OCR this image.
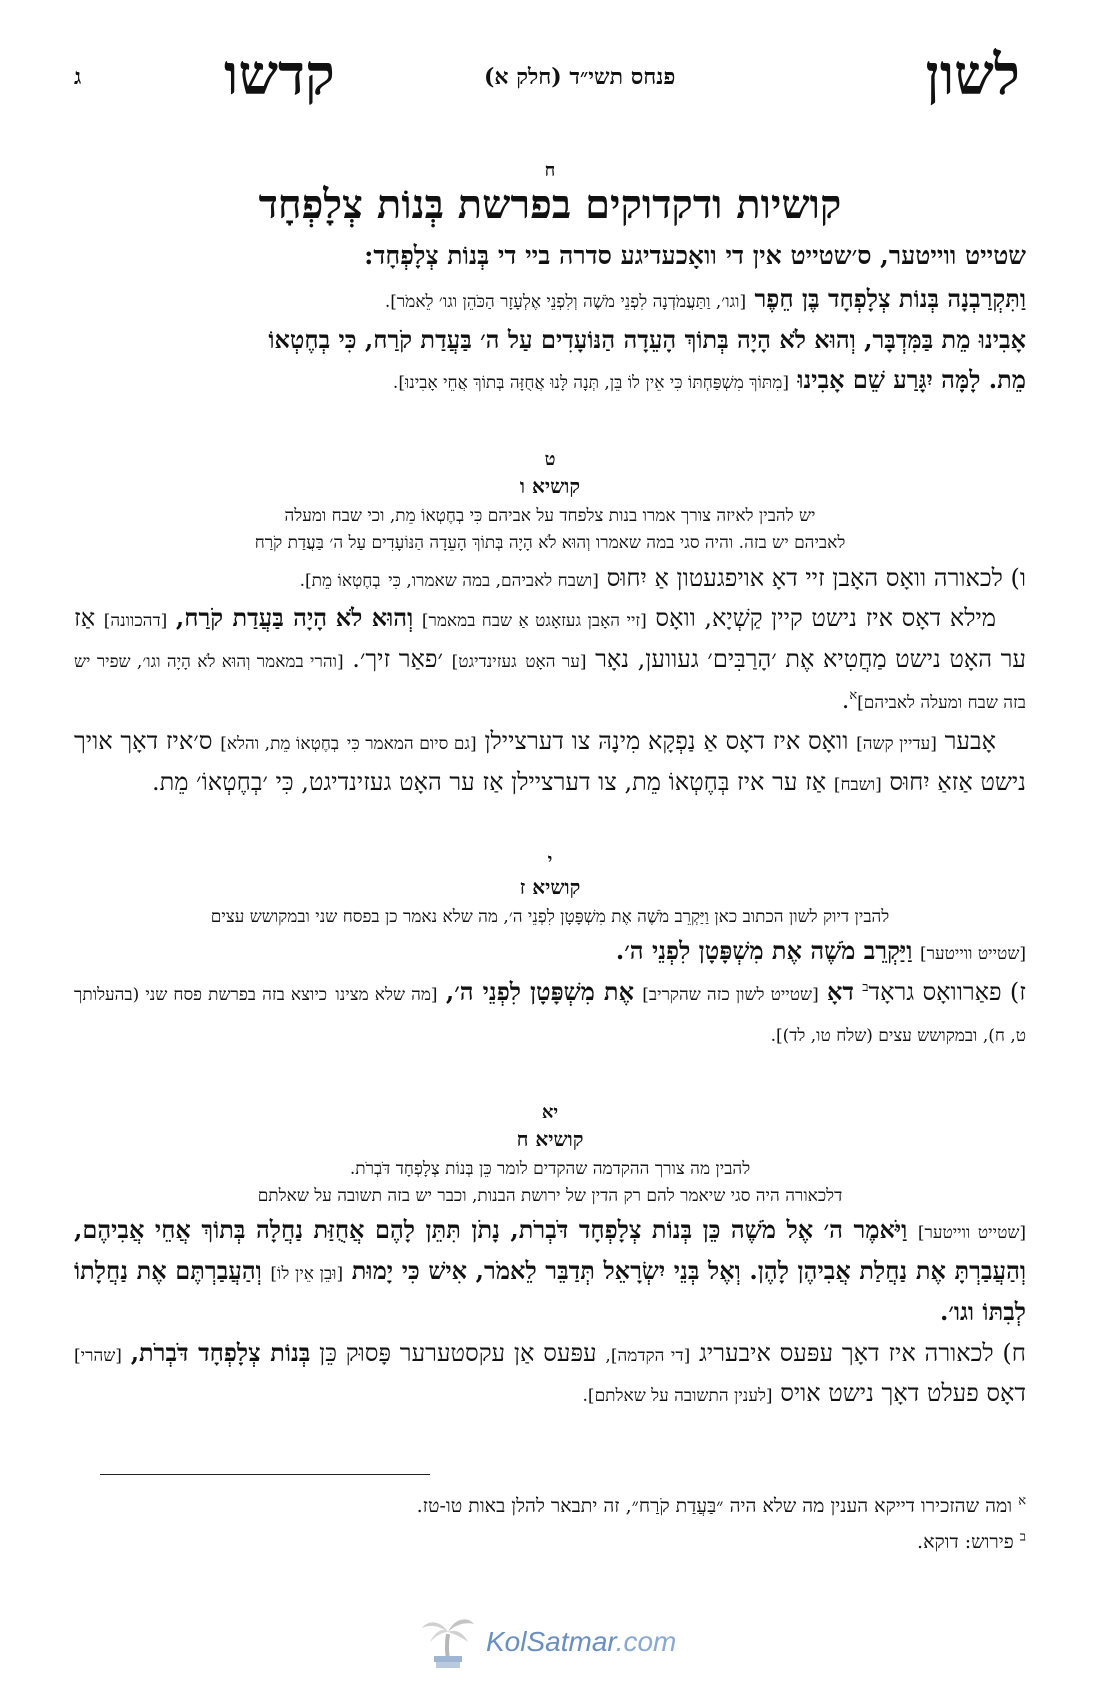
לשון
פנחס תשי״ד (חלק א)
קדשו
ג
ח
קושיות ודקדוקים בפרשת בְּנוֹת צְלָפְחָד
שטייט ווייטער, ס׳שטייט אין די וואָכעדיגע סדרה ביי די בְּנוֹת צְלָפְחָד:

וַתִּקְרַבְנָה בְּנוֹת צְלָפְחָד בֶּן חֵפֶר [וגו׳, וַתַּעֲמֹדְנָה לִפְנֵי מֹשֶׁה וְלִפְנֵי אֶלְעָזָר הַכֹּהֵן וגו׳ לֵאמֹר].

אָבִינוּ מֵת בַּמִּדְבָּר, וְהוּא לֹא הָיָה בְּתוֹךְ הָעֵדָה הַנּוֹעָדִים עַל ה׳ בַּעֲדַת קֹרַח, כִּי בְחֶטְאוֹ

מֵת. לָמָּה יִגָּרַע שֵׁם אָבִינוּ [מִתּוֹךְ מִשְׁפַּחְתּוֹ כִּי אֵין לוֹ בֵּן, תְּנָה לָּנוּ אֲחֻזָּה בְּתוֹךְ אֲחֵי אָבִינוּ].

ט
קושיא ו

יש להבין לאיזה צורך אמרו בנות צלפחד על אביהם כִּי בְחֶטְאוֹ מֵת, וכי שבח ומעלה

לאביהם יש בזה. והיה סגי במה שאמרו וְהוּא לֹא הָיָה בְּתוֹךְ הָעֵדָה הַנּוֹעָדִים עַל ה׳ בַּעֲדַת קֹרַח

ו) לכאורה וואָס האָבן זיי דאָ אויפגעטון אַ יִחוּס [ושבח לאביהם, במה שאמרו, כִּי בְחֶטְאוֹ מֵת].

מילא דאָס איז נישט קיין קַשְׁיָא, וואָס [זיי האָבן געזאָגט אַ שבח במאמר] וְהוּא לֹא הָיָה בַּעֲדַת קֹרַח, [דהכוונה] אַז ער האָט נישט מַחֲטִיא אֶת ׳הָרַבִּים׳ געווען, נאָר [ער האָט געזינדיגט] ׳פאַר זיך׳. [והרי במאמר וְהוּא לֹא הָיָה וגו׳, שפיר יש בזה שבח ומעלה לאביהם]$^א$.

אָבער [עדיין קשה] וואָס איז דאָס אַ נַפְקָא מִינָהּ צו דערציילן [גם סיום המאמר כִּי בְחֶטְאוֹ מֵת, והלא] ס׳איז דאָך אויך נישט אַזאַ יִחוּס [ושבח] אַז ער איז בְּחֶטְאוֹ מֵת, צו דערציילן אַז ער האָט געזינדיגט, כִּי ׳בְחֶטְאוֹ׳ מֵת.

י
קושיא ז

להבין דיוק לשון הכתוב כאן וַיַּקְרֵב מֹשֶׁה אֶת מִשְׁפָּטָן לִפְנֵי ה׳, מה שלא נאמר כן בפסח שני ובמקושש עצים

[שטייט ווייטער] וַיַּקְרֵב מֹשֶׁה אֶת מִשְׁפָּטָן לִפְנֵי ה׳.

ז) פאַרוואָס גראָד$^ב$ דאָ [שטייט לשון כזה שהקריב] אֶת מִשְׁפָּטָן לִפְנֵי ה׳, [מה שלא מצינו כיוצא בזה בפרשת פסח שני (בהעלותך ט, ח), ובמקושש עצים (שלח טו, לד)].

יא
קושיא ח

להבין מה צורך ההקדמה שהקדים לומר כֵּן בְּנוֹת צְלָפְחָד דֹּבְרֹת.

דלכאורה היה סגי שיאמר להם רק הדין של ירושת הבנות, וכבר יש בזה תשובה על שאלתם

[שטייט ווייטער] וַיֹּאמֶר ה׳ אֶל מֹשֶׁה כֵּן בְּנוֹת צְלָפְחָד דֹּבְרֹת, נָתֹן תִּתֵּן לָהֶם אֲחֻזַּת נַחֲלָה בְּתוֹךְ אֲחֵי אֲבִיהֶם, וְהַעֲבַרְתָּ אֶת נַחֲלַת אֲבִיהֶן לָהֶן. וְאֶל בְּנֵי יִשְׂרָאֵל תְּדַבֵּר לֵאמֹר, אִישׁ כִּי יָמוּת [וּבֵן אֵין לוֹ] וְהַעֲבַרְתֶּם אֶת נַחֲלָתוֹ לְבִתּוֹ וגו׳.

ח) לכאורה איז דאָך עפּעס איבעריג [די הקדמה], עפּעס אַן עקסטערער פָּסוּק כֵּן בְּנוֹת צְלָפְחָד דֹּבְרֹת, [שהרי] דאָס פעלט דאָך נישט אויס [לענין התשובה על שאלתם].

$^א$ ומה שהזכירו דייקא הענין מה שלא היה ״בַּעֲדַת קֹרַח״, זה יתבאר להלן באות טו-טז.
$^ב$ פירוש: דוקא.
KolSatmar.com
